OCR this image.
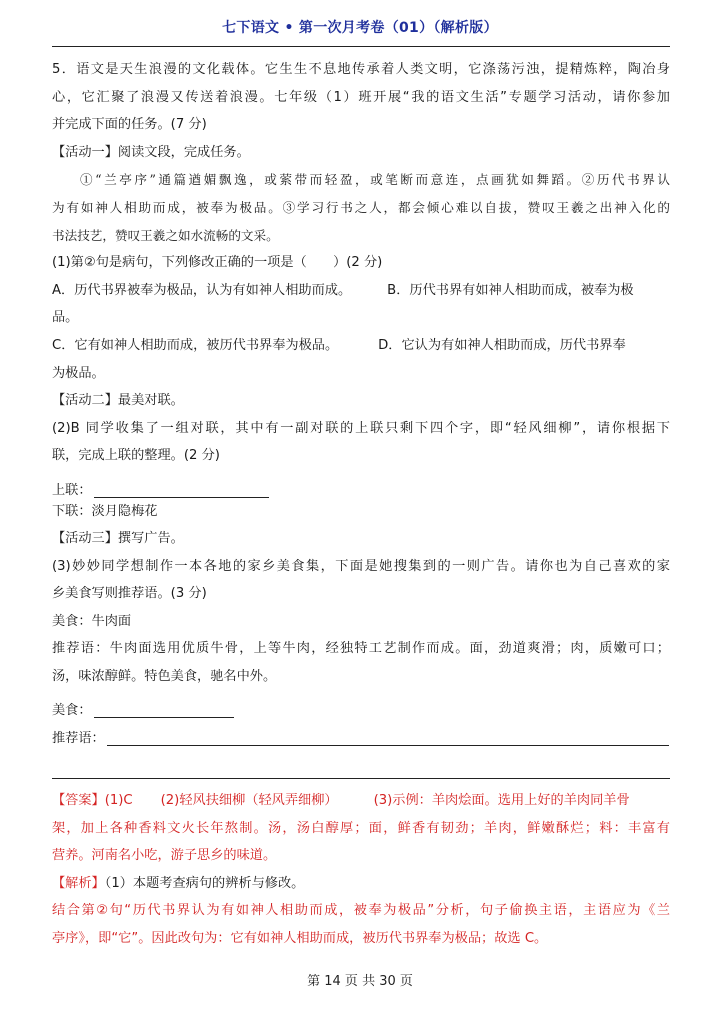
七下语文 • 第一次月考卷（01）（解析版）
5．语文是天生浪漫的文化载体。它生生不息地传承着人类文明，它涤荡污浊，提精炼粹，陶冶身
心，它汇聚了浪漫又传送着浪漫。七年级（1）班开展“我的语文生活”专题学习活动，请你参加
并完成下面的任务。(7 分)
【活动一】阅读文段，完成任务。
①“兰亭序”通篇遒媚飘逸，或萦带而轻盈，或笔断而意连，点画犹如舞蹈。②历代书界认
为有如神人相助而成，被奉为极品。③学习行书之人，都会倾心难以自拔，赞叹王羲之出神入化的
书法技艺，赞叹王羲之如水流畅的文采。
(1)第②句是病句，下列修改正确的一项是（　　）(2 分)
A．历代书界被奉为极品，认为有如神人相助而成。	B．历代书界有如神人相助而成，被奉为极
品。
C．它有如神人相助而成，被历代书界奉为极品。	D．它认为有如神人相助而成，历代书界奉
为极品。
【活动二】最美对联。
(2)B 同学收集了一组对联，其中有一副对联的上联只剩下四个字，即“轻风细柳”，请你根据下
联，完成上联的整理。(2 分)
上联：
下联：淡月隐梅花
【活动三】撰写广告。
(3)妙妙同学想制作一本各地的家乡美食集，下面是她搜集到的一则广告。请你也为自己喜欢的家
乡美食写则推荐语。(3 分)
美食：牛肉面
推荐语：牛肉面选用优质牛骨，上等牛肉，经独特工艺制作而成。面，劲道爽滑；肉，质嫩可口；
汤，味浓醇鲜。特色美食，驰名中外。
美食：
推荐语：
【答案】(1)C (2)轻风扶细柳（轻风弄细柳）	(3)示例：羊肉烩面。选用上好的羊肉同羊骨
架，加上各种香料文火长年熬制。汤，汤白醇厚；面，鲜香有韧劲；羊肉，鲜嫩酥烂；料：丰富有
营养。河南名小吃，游子思乡的味道。
【解析】（1）本题考查病句的辨析与修改。
结合第②句“历代书界认为有如神人相助而成，被奉为极品”分析，句子偷换主语，主语应为《兰
亭序》，即“它”。因此改句为：它有如神人相助而成，被历代书界奉为极品；故选 C。
第 14 页 共 30 页
